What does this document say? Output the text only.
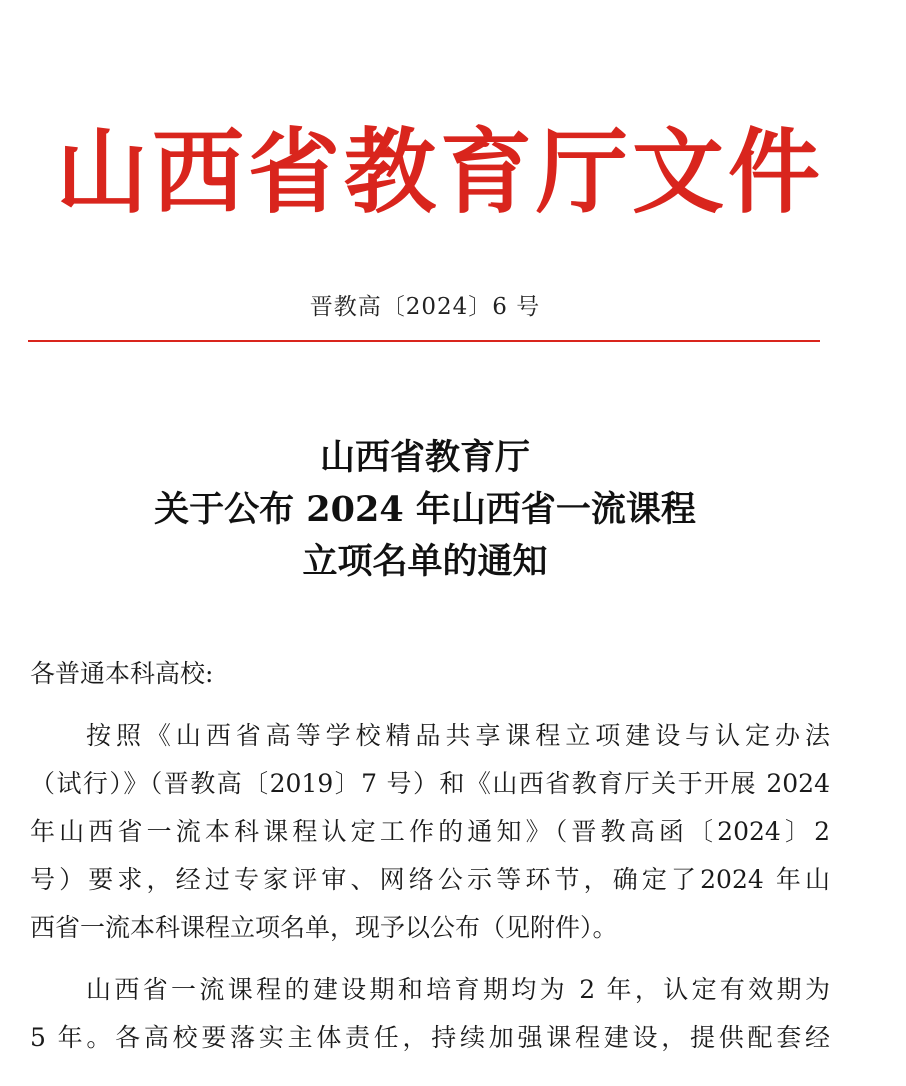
山西省教育厅文件
晋教高〔2024〕6 号
山西省教育厅
关于公布 2024 年山西省一流课程
立项名单的通知
各普通本科高校:
按照《山西省高等学校精品共享课程立项建设与认定办法
（试行）》（晋教高〔2019〕7 号）和《山西省教育厅关于开展 2024
年山西省一流本科课程认定工作的通知》（晋教高函〔2024〕2
号）要求，经过专家评审、网络公示等环节，确定了2024 年山
西省一流本科课程立项名单，现予以公布（见附件）。
山西省一流课程的建设期和培育期均为 2 年，认定有效期为
5 年。各高校要落实主体责任，持续加强课程建设，提供配套经
